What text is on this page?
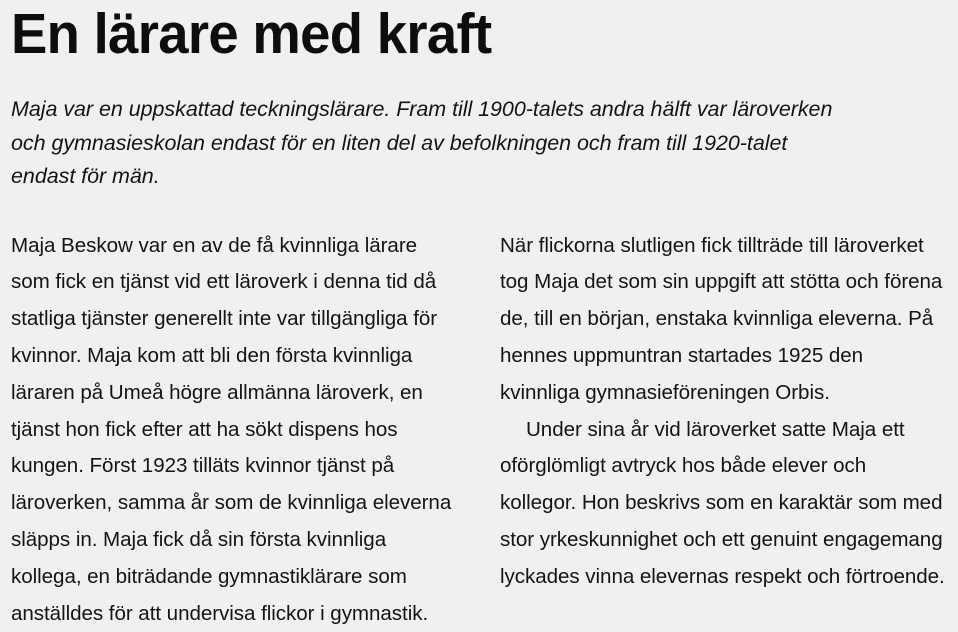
En lärare med kraft

Maja var en uppskattad teckningslärare. Fram till 1900-talets andra hälft var läroverken och gymnasieskolan endast för en liten del av befolkningen och fram till 1920-talet endast för män.

Maja Beskow var en av de få kvinnliga lärare som fick en tjänst vid ett läroverk i denna tid då statliga tjänster generellt inte var tillgängliga för kvinnor. Maja kom att bli den första kvinnliga läraren på Umeå högre allmänna läroverk, en tjänst hon fick efter att ha sökt dispens hos kungen. Först 1923 tilläts kvinnor tjänst på läroverken, samma år som de kvinnliga eleverna släpps in. Maja fick då sin första kvinnliga kollega, en biträdande gymnastiklärare som anställdes för att undervisa flickor i gymnastik.

När flickorna slutligen fick tillträde till läroverket tog Maja det som sin uppgift att stötta och förena de, till en början, enstaka kvinnliga eleverna. På hennes uppmuntran startades 1925 den kvinnliga gymnasieföreningen Orbis.

Under sina år vid läroverket satte Maja ett oförglömligt avtryck hos både elever och kollegor. Hon beskrivs som en karaktär som med stor yrkeskunnighet och ett genuint engagemang lyckades vinna elevernas respekt och förtroende.
